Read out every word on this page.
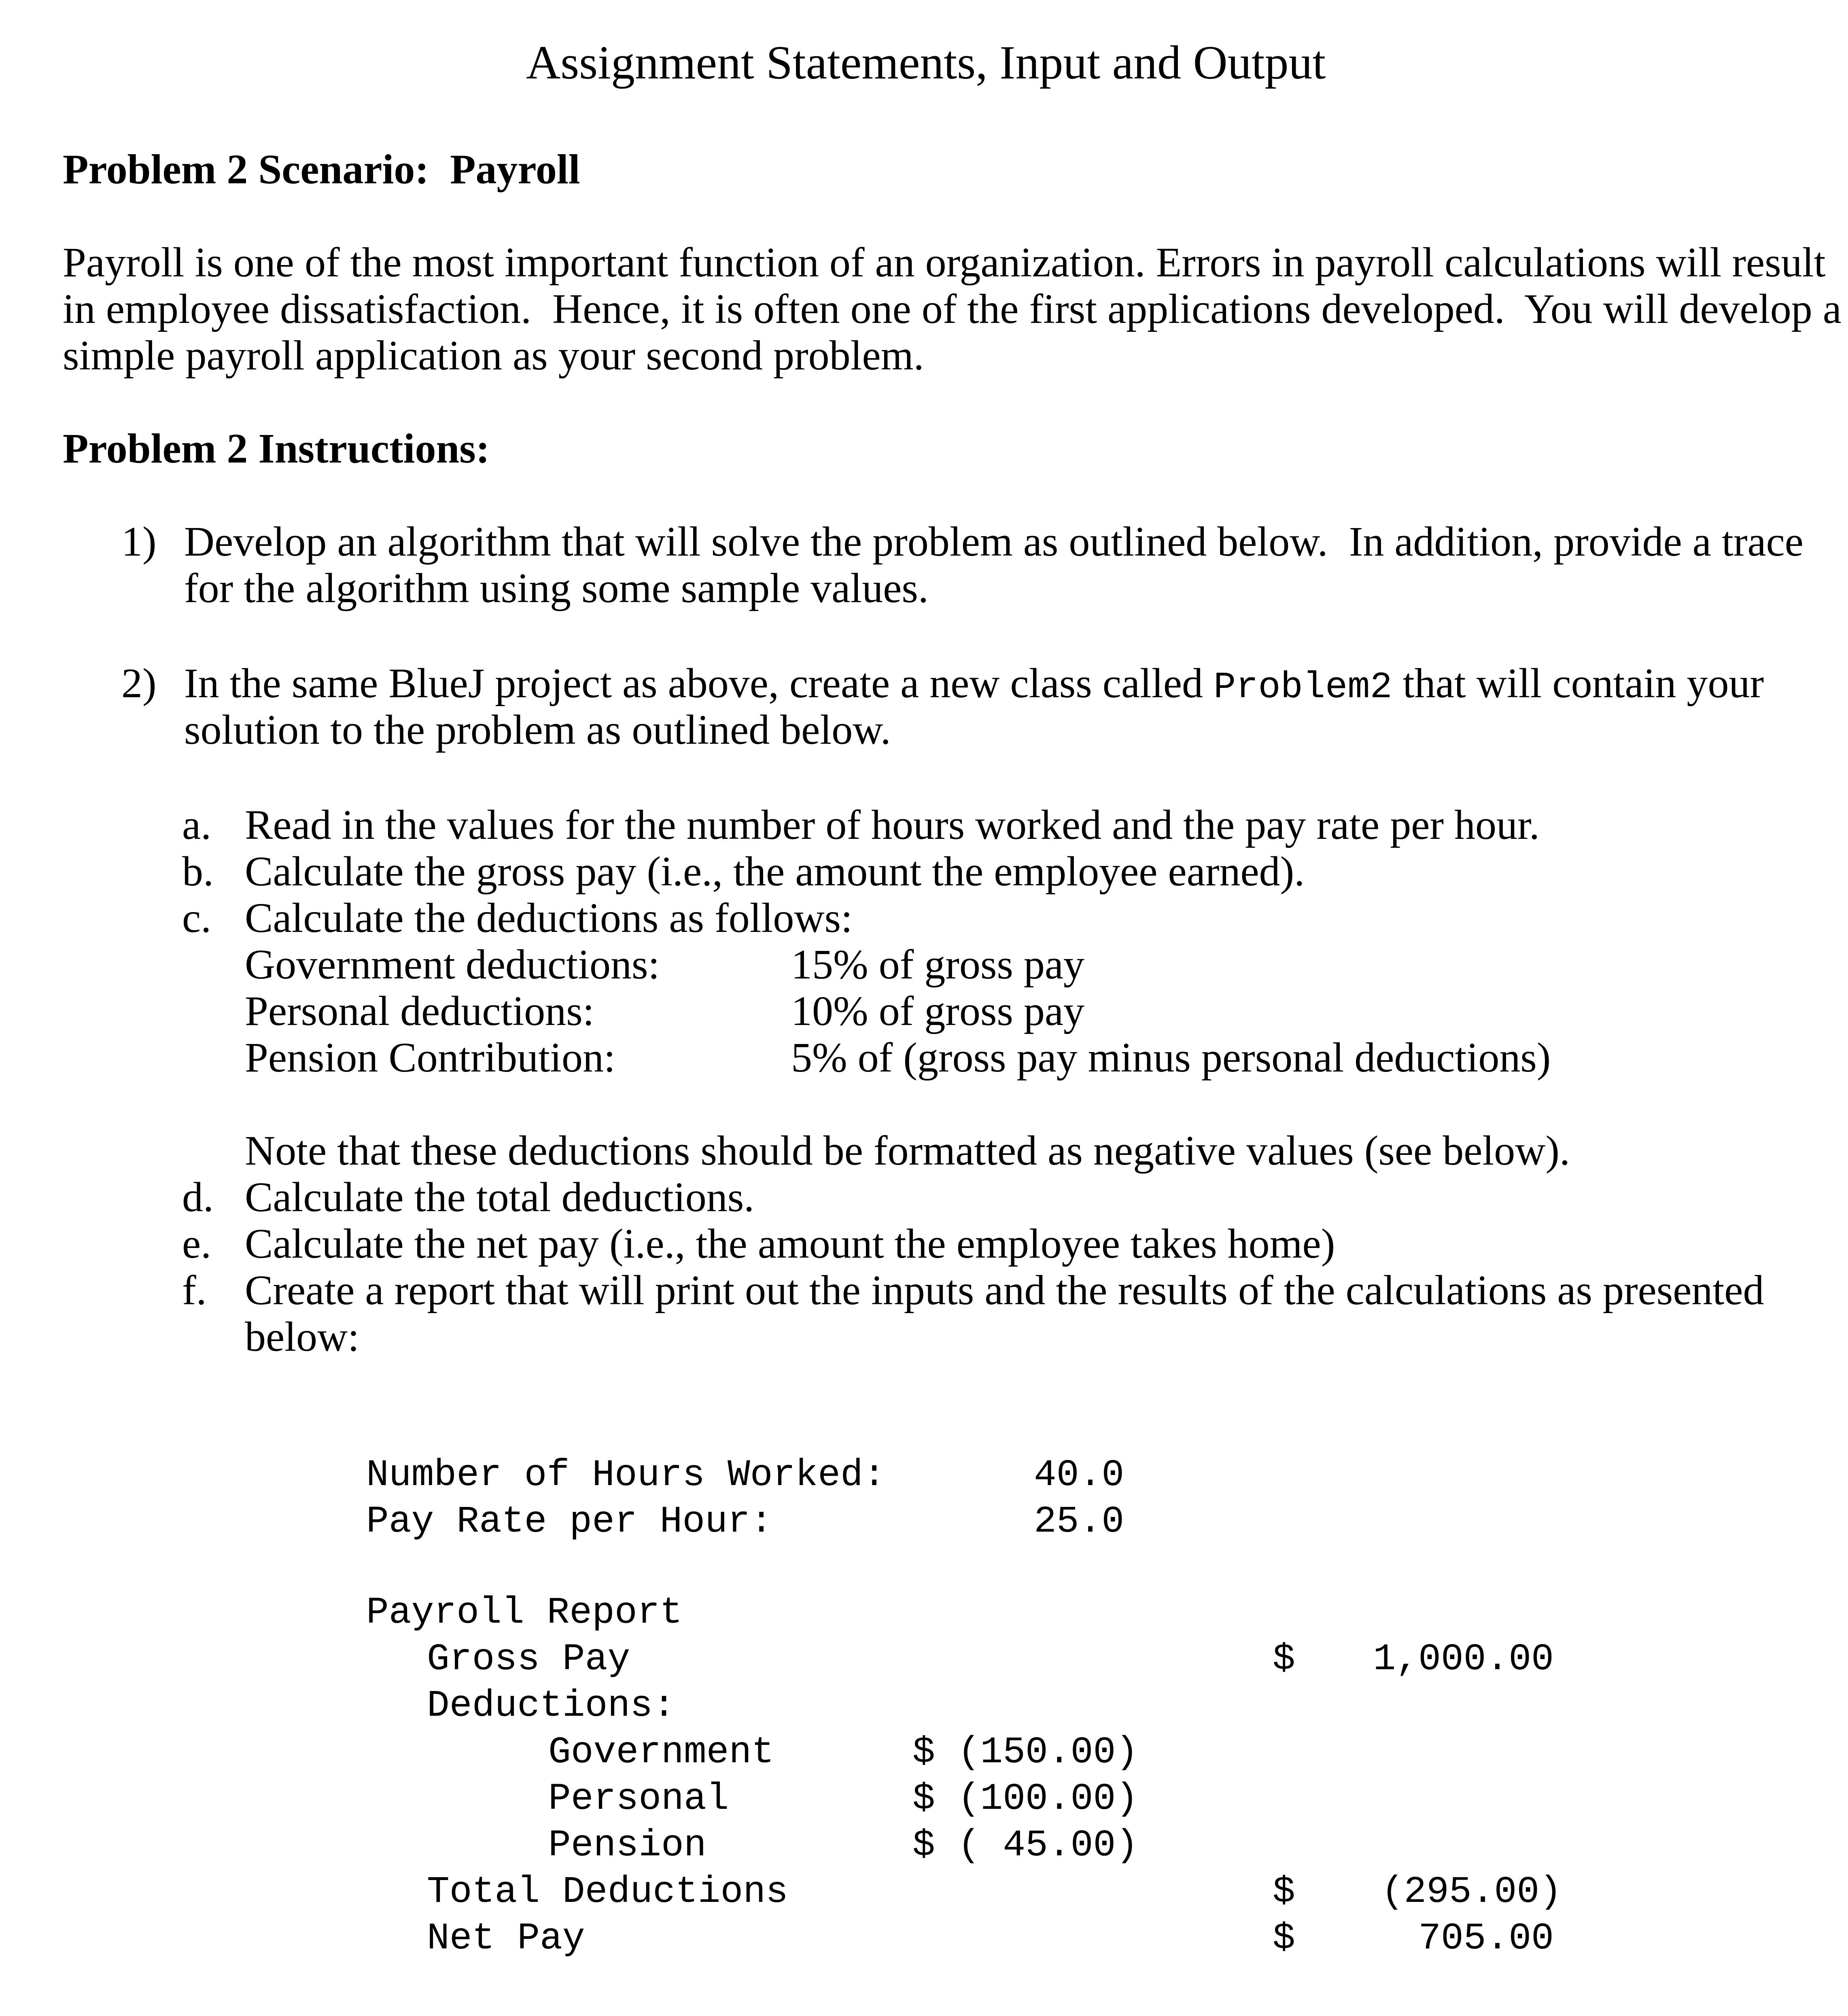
Assignment Statements, Input and Output
Problem 2 Scenario:  Payroll
Payroll is one of the most important function of an organization. Errors in payroll calculations will result
in employee dissatisfaction.  Hence, it is often one of the first applications developed.  You will develop a
simple payroll application as your second problem.
Problem 2 Instructions:
1) Develop an algorithm that will solve the problem as outlined below.  In addition, provide a trace
for the algorithm using some sample values.
2) In the same BlueJ project as above, create a new class called Problem2 that will contain your
solution to the problem as outlined below.
a. Read in the values for the number of hours worked and the pay rate per hour.
b. Calculate the gross pay (i.e., the amount the employee earned).
c. Calculate the deductions as follows:
Government deductions:	15% of gross pay
Personal deductions:	10% of gross pay
Pension Contribution:	5% of (gross pay minus personal deductions)
Note that these deductions should be formatted as negative values (see below).
d. Calculate the total deductions.
e. Calculate the net pay (i.e., the amount the employee takes home)
f. Create a report that will print out the inputs and the results of the calculations as presented
below:
Number of Hours Worked:	40.0
Pay Rate per Hour:	25.0
Payroll Report
Gross Pay	$	1,000.00
Deductions:
Government	$ (150.00)
Personal	$ (100.00)
Pension	$ ( 45.00)
Total Deductions	$	(295.00)
Net Pay	$	705.00
